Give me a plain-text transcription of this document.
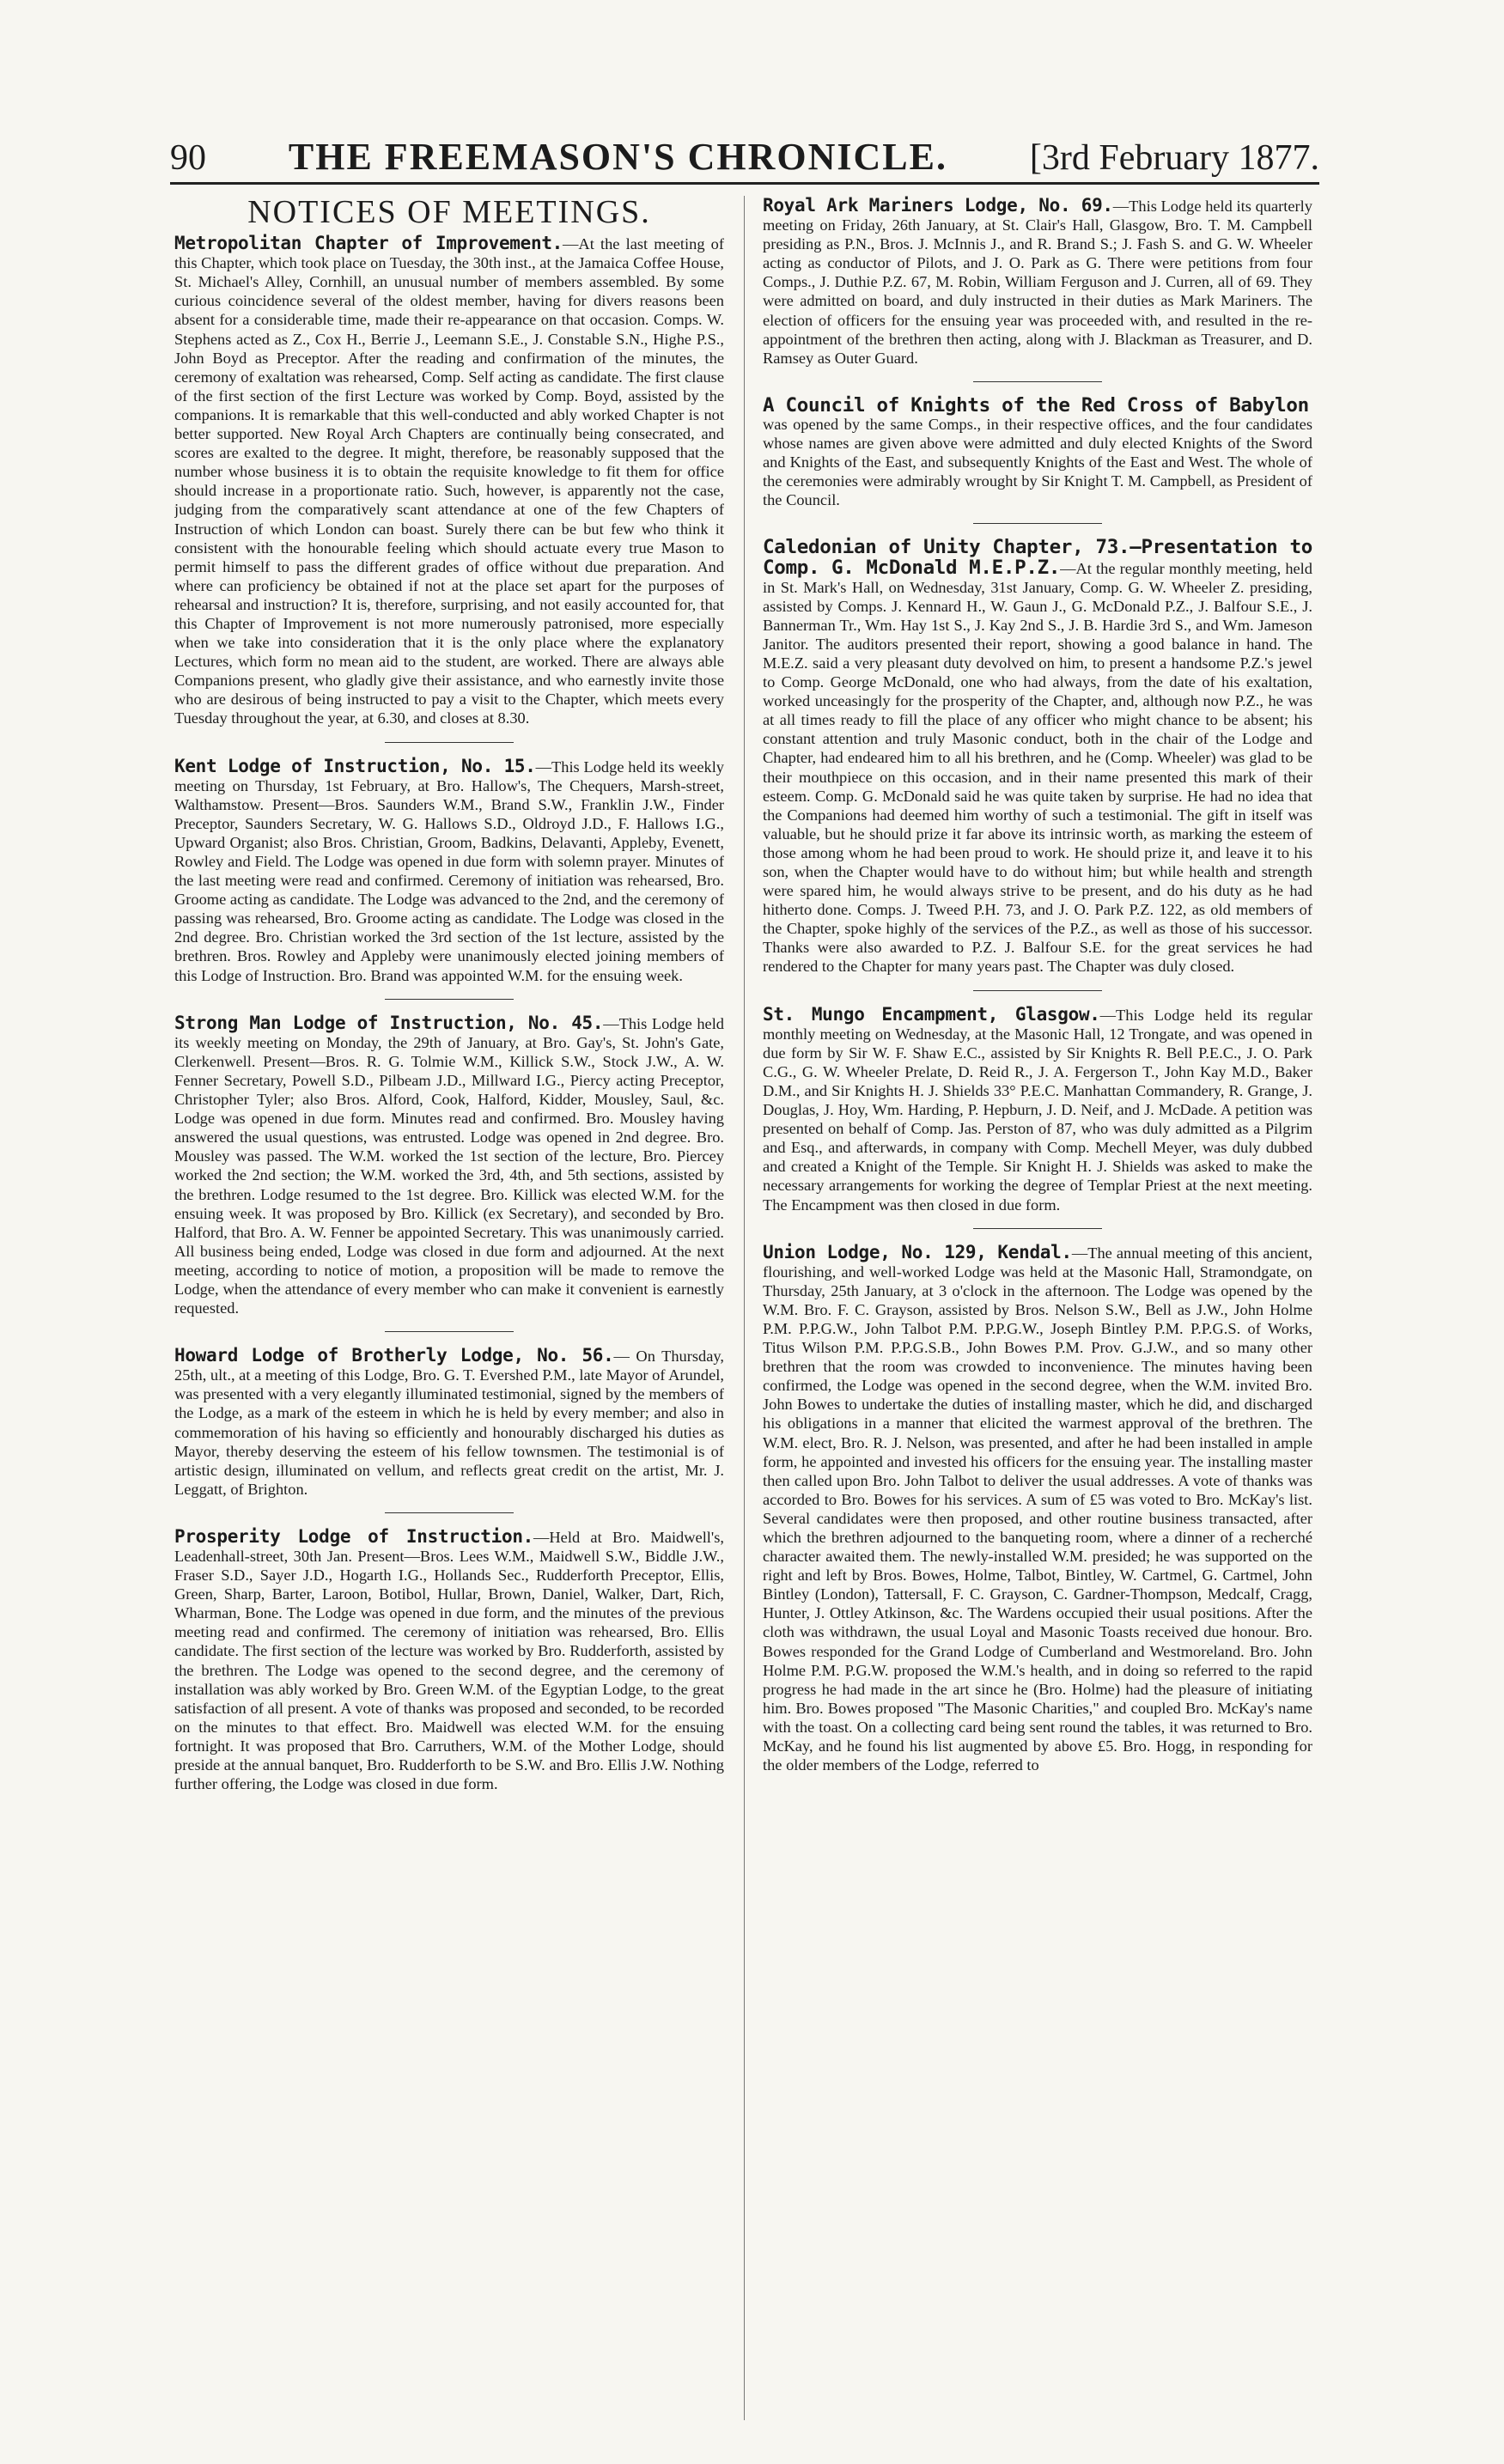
90 THE FREEMASON'S CHRONICLE. [3rd February 1877.
NOTICES OF MEETINGS.

Metropolitan Chapter of Improvement.—At the last meeting of this Chapter, which took place on Tuesday, the 30th inst., at the Jamaica Coffee House, St. Michael's Alley, Cornhill, an unusual number of members assembled. By some curious coincidence several of the oldest member, having for divers reasons been absent for a considerable time, made their re-appearance on that occasion. Comps. W. Stephens acted as Z., Cox H., Berrie J., Leemann S.E., J. Constable S.N., Highe P.S., John Boyd as Preceptor. After the reading and confirmation of the minutes, the ceremony of exaltation was rehearsed, Comp. Self acting as candidate. The first clause of the first section of the first Lecture was worked by Comp. Boyd, assisted by the companions. It is remarkable that this well-conducted and ably worked Chapter is not better supported. New Royal Arch Chapters are continually being consecrated, and scores are exalted to the degree. It might, therefore, be reasonably supposed that the number whose business it is to obtain the requisite knowledge to fit them for office should increase in a proportionate ratio. Such, however, is apparently not the case, judging from the comparatively scant attendance at one of the few Chapters of Instruction of which London can boast. Surely there can be but few who think it consistent with the honourable feeling which should actuate every true Mason to permit himself to pass the different grades of office without due preparation. And where can proficiency be obtained if not at the place set apart for the purposes of rehearsal and instruction? It is, therefore, surprising, and not easily accounted for, that this Chapter of Improvement is not more numerously patronised, more especially when we take into consideration that it is the only place where the explanatory Lectures, which form no mean aid to the student, are worked. There are always able Companions present, who gladly give their assistance, and who earnestly invite those who are desirous of being instructed to pay a visit to the Chapter, which meets every Tuesday throughout the year, at 6.30, and closes at 8.30.

Kent Lodge of Instruction, No. 15.—This Lodge held its weekly meeting on Thursday, 1st February, at Bro. Hallow's, The Chequers, Marsh-street, Walthamstow. Present—Bros. Saunders W.M., Brand S.W., Franklin J.W., Finder Preceptor, Saunders Secretary, W. G. Hallows S.D., Oldroyd J.D., F. Hallows I.G., Upward Organist; also Bros. Christian, Groom, Badkins, Delavanti, Appleby, Evenett, Rowley and Field. The Lodge was opened in due form with solemn prayer. Minutes of the last meeting were read and confirmed. Ceremony of initiation was rehearsed, Bro. Groome acting as candidate. The Lodge was advanced to the 2nd, and the ceremony of passing was rehearsed, Bro. Groome acting as candidate. The Lodge was closed in the 2nd degree. Bro. Christian worked the 3rd section of the 1st lecture, assisted by the brethren. Bros. Rowley and Appleby were unanimously elected joining members of this Lodge of Instruction. Bro. Brand was appointed W.M. for the ensuing week.

Strong Man Lodge of Instruction, No. 45.—This Lodge held its weekly meeting on Monday, the 29th of January, at Bro. Gay's, St. John's Gate, Clerkenwell. Present—Bros. R. G. Tolmie W.M., Killick S.W., Stock J.W., A. W. Fenner Secretary, Powell S.D., Pilbeam J.D., Millward I.G., Piercy acting Preceptor, Christopher Tyler; also Bros. Alford, Cook, Halford, Kidder, Mousley, Saul, &c. Lodge was opened in due form. Minutes read and confirmed. Bro. Mousley having answered the usual questions, was entrusted. Lodge was opened in 2nd degree. Bro. Mousley was passed. The W.M. worked the 1st section of the lecture, Bro. Piercey worked the 2nd section; the W.M. worked the 3rd, 4th, and 5th sections, assisted by the brethren. Lodge resumed to the 1st degree. Bro. Killick was elected W.M. for the ensuing week. It was proposed by Bro. Killick (ex Secretary), and seconded by Bro. Halford, that Bro. A. W. Fenner be appointed Secretary. This was unanimously carried. All business being ended, Lodge was closed in due form and adjourned. At the next meeting, according to notice of motion, a proposition will be made to remove the Lodge, when the attendance of every member who can make it convenient is earnestly requested.

Howard Lodge of Brotherly Lodge, No. 56.— On Thursday, 25th, ult., at a meeting of this Lodge, Bro. G. T. Evershed P.M., late Mayor of Arundel, was presented with a very elegantly illuminated testimonial, signed by the members of the Lodge, as a mark of the esteem in which he is held by every member; and also in commemoration of his having so efficiently and honourably discharged his duties as Mayor, thereby deserving the esteem of his fellow townsmen. The testimonial is of artistic design, illuminated on vellum, and reflects great credit on the artist, Mr. J. Leggatt, of Brighton.

Prosperity Lodge of Instruction.—Held at Bro. Maidwell's, Leadenhall-street, 30th Jan. Present—Bros. Lees W.M., Maidwell S.W., Biddle J.W., Fraser S.D., Sayer J.D., Hogarth I.G., Hollands Sec., Rudderforth Preceptor, Ellis, Green, Sharp, Barter, Laroon, Botibol, Hullar, Brown, Daniel, Walker, Dart, Rich, Wharman, Bone. The Lodge was opened in due form, and the minutes of the previous meeting read and confirmed. The ceremony of initiation was rehearsed, Bro. Ellis candidate. The first section of the lecture was worked by Bro. Rudderforth, assisted by the brethren. The Lodge was opened to the second degree, and the ceremony of installation was ably worked by Bro. Green W.M. of the Egyptian Lodge, to the great satisfaction of all present. A vote of thanks was proposed and seconded, to be recorded on the minutes to that effect. Bro. Maidwell was elected W.M. for the ensuing fortnight. It was proposed that Bro. Carruthers, W.M. of the Mother Lodge, should preside at the annual banquet, Bro. Rudderforth to be S.W. and Bro. Ellis J.W. Nothing further offering, the Lodge was closed in due form.

Royal Ark Mariners Lodge, No. 69.—This Lodge held its quarterly meeting on Friday, 26th January, at St. Clair's Hall, Glasgow, Bro. T. M. Campbell presiding as P.N., Bros. J. McInnis J., and R. Brand S.; J. Fash S. and G. W. Wheeler acting as conductor of Pilots, and J. O. Park as G. There were petitions from four Comps., J. Duthie P.Z. 67, M. Robin, William Ferguson and J. Curren, all of 69. They were admitted on board, and duly instructed in their duties as Mark Mariners. The election of officers for the ensuing year was proceeded with, and resulted in the re-appointment of the brethren then acting, along with J. Blackman as Treasurer, and D. Ramsey as Outer Guard.

A Council of Knights of the Red Cross of Babylon
was opened by the same Comps., in their respective offices, and the four candidates whose names are given above were admitted and duly elected Knights of the Sword and Knights of the East, and subsequently Knights of the East and West. The whole of the ceremonies were admirably wrought by Sir Knight T. M. Campbell, as President of the Council.

Caledonian of Unity Chapter, 73.—Presentation to Comp. G. McDonald M.E.P.Z.—At the regular monthly meeting, held in St. Mark's Hall, on Wednesday, 31st January, Comp. G. W. Wheeler Z. presiding, assisted by Comps. J. Kennard H., W. Gaun J., G. McDonald P.Z., J. Balfour S.E., J. Bannerman Tr., Wm. Hay 1st S., J. Kay 2nd S., J. B. Hardie 3rd S., and Wm. Jameson Janitor. The auditors presented their report, showing a good balance in hand. The M.E.Z. said a very pleasant duty devolved on him, to present a handsome P.Z.'s jewel to Comp. George McDonald, one who had always, from the date of his exaltation, worked unceasingly for the prosperity of the Chapter, and, although now P.Z., he was at all times ready to fill the place of any officer who might chance to be absent; his constant attention and truly Masonic conduct, both in the chair of the Lodge and Chapter, had endeared him to all his brethren, and he (Comp. Wheeler) was glad to be their mouthpiece on this occasion, and in their name presented this mark of their esteem. Comp. G. McDonald said he was quite taken by surprise. He had no idea that the Companions had deemed him worthy of such a testimonial. The gift in itself was valuable, but he should prize it far above its intrinsic worth, as marking the esteem of those among whom he had been proud to work. He should prize it, and leave it to his son, when the Chapter would have to do without him; but while health and strength were spared him, he would always strive to be present, and do his duty as he had hitherto done. Comps. J. Tweed P.H. 73, and J. O. Park P.Z. 122, as old members of the Chapter, spoke highly of the services of the P.Z., as well as those of his successor. Thanks were also awarded to P.Z. J. Balfour S.E. for the great services he had rendered to the Chapter for many years past. The Chapter was duly closed.

St. Mungo Encampment, Glasgow.—This Lodge held its regular monthly meeting on Wednesday, at the Masonic Hall, 12 Trongate, and was opened in due form by Sir W. F. Shaw E.C., assisted by Sir Knights R. Bell P.E.C., J. O. Park C.G., G. W. Wheeler Prelate, D. Reid R., J. A. Fergerson T., John Kay M.D., Baker D.M., and Sir Knights H. J. Shields 33° P.E.C. Manhattan Commandery, R. Grange, J. Douglas, J. Hoy, Wm. Harding, P. Hepburn, J. D. Neif, and J. McDade. A petition was presented on behalf of Comp. Jas. Perston of 87, who was duly admitted as a Pilgrim and Esq., and afterwards, in company with Comp. Mechell Meyer, was duly dubbed and created a Knight of the Temple. Sir Knight H. J. Shields was asked to make the necessary arrangements for working the degree of Templar Priest at the next meeting. The Encampment was then closed in due form.

Union Lodge, No. 129, Kendal.—The annual meeting of this ancient, flourishing, and well-worked Lodge was held at the Masonic Hall, Stramondgate, on Thursday, 25th January, at 3 o'clock in the afternoon. The Lodge was opened by the W.M. Bro. F. C. Grayson, assisted by Bros. Nelson S.W., Bell as J.W., John Holme P.M. P.P.G.W., John Talbot P.M. P.P.G.W., Joseph Bintley P.M. P.P.G.S. of Works, Titus Wilson P.M. P.P.G.S.B., John Bowes P.M. Prov. G.J.W., and so many other brethren that the room was crowded to inconvenience. The minutes having been confirmed, the Lodge was opened in the second degree, when the W.M. invited Bro. John Bowes to undertake the duties of installing master, which he did, and discharged his obligations in a manner that elicited the warmest approval of the brethren. The W.M. elect, Bro. R. J. Nelson, was presented, and after he had been installed in ample form, he appointed and invested his officers for the ensuing year. The installing master then called upon Bro. John Talbot to deliver the usual addresses. A vote of thanks was accorded to Bro. Bowes for his services. A sum of £5 was voted to Bro. McKay's list. Several candidates were then proposed, and other routine business transacted, after which the brethren adjourned to the banqueting room, where a dinner of a recherché character awaited them. The newly-installed W.M. presided; he was supported on the right and left by Bros. Bowes, Holme, Talbot, Bintley, W. Cartmel, G. Cartmel, John Bintley (London), Tattersall, F. C. Grayson, C. Gardner-Thompson, Medcalf, Cragg, Hunter, J. Ottley Atkinson, &c. The Wardens occupied their usual positions. After the cloth was withdrawn, the usual Loyal and Masonic Toasts received due honour. Bro. Bowes responded for the Grand Lodge of Cumberland and Westmoreland. Bro. John Holme P.M. P.G.W. proposed the W.M.'s health, and in doing so referred to the rapid progress he had made in the art since he (Bro. Holme) had the pleasure of initiating him. Bro. Bowes proposed "The Masonic Charities," and coupled Bro. McKay's name with the toast. On a collecting card being sent round the tables, it was returned to Bro. McKay, and he found his list augmented by above £5. Bro. Hogg, in responding for the older members of the Lodge, referred to
